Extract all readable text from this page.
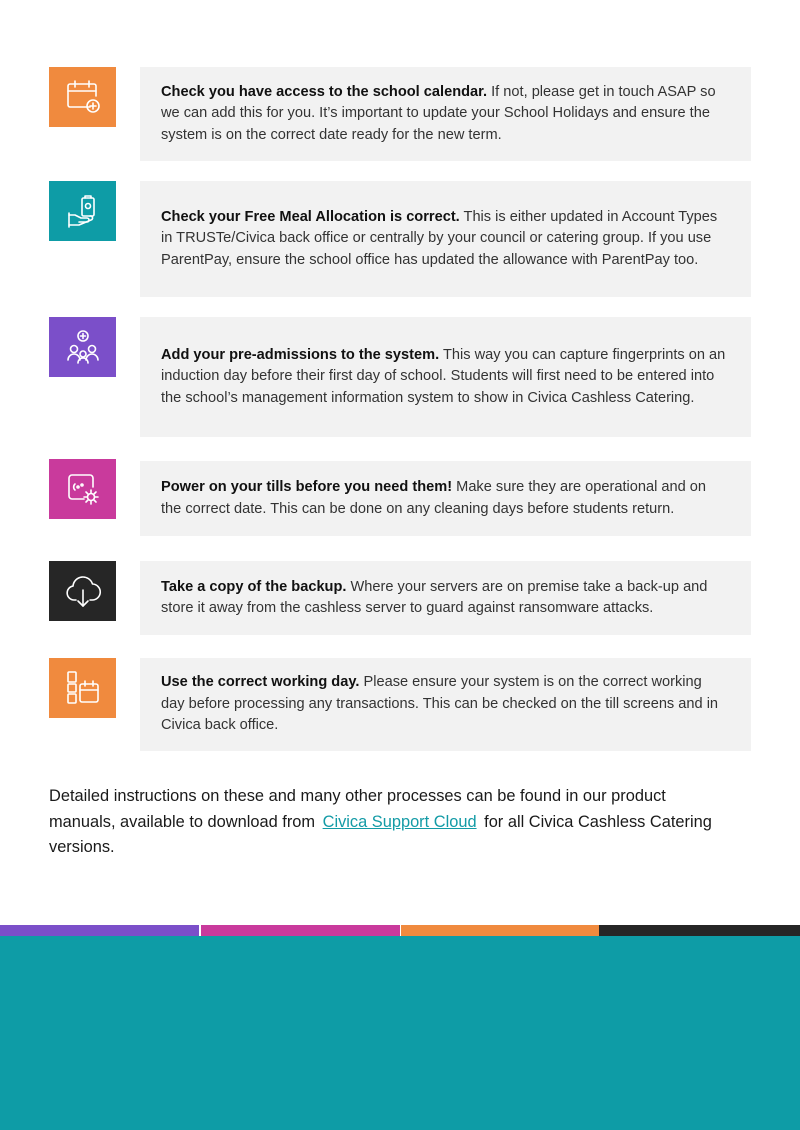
Check you have access to the school calendar. If not, please get in touch ASAP so we can add this for you. It’s important to update your School Holidays and ensure the system is on the correct date ready for the new term.

Check your Free Meal Allocation is correct. This is either updated in Account Types in TRUSTe/Civica back office or centrally by your council or catering group. If you use ParentPay, ensure the school office has updated the allowance with ParentPay too.

Add your pre-admissions to the system. This way you can capture fingerprints on an induction day before their first day of school. Students will first need to be entered into the school’s management information system to show in Civica Cashless Catering.

Power on your tills before you need them! Make sure they are operational and on the correct date. This can be done on any cleaning days before students return.

Take a copy of the backup. Where your servers are on premise take a back-up and store it away from the cashless server to guard against ransomware attacks.

Use the correct working day. Please ensure your system is on the correct working day before processing any transactions. This can be checked on the till screens and in Civica back office.

Detailed instructions on these and many other processes can be found in our product manuals, available to download from Civica Support Cloud for all Civica Cashless Catering versions.
